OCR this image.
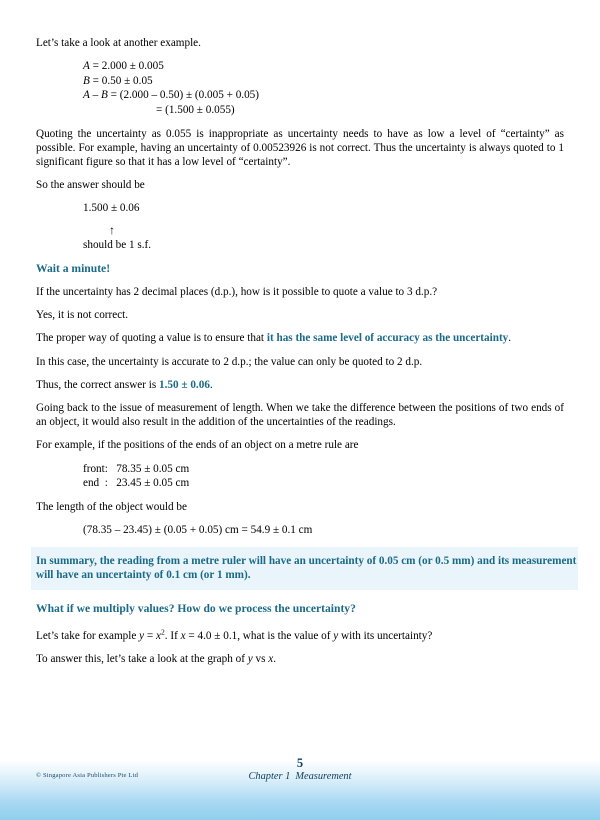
Let’s take a look at another example.

A = 2.000 ± 0.005
B = 0.50 ± 0.05
A – B = (2.000 – 0.50) ± (0.005 + 0.05)
= (1.500 ± 0.055)

Quoting the uncertainty as 0.055 is inappropriate as uncertainty needs to have as low a level of “certainty” as possible. For example, having an uncertainty of 0.00523926 is not correct. Thus the uncertainty is always quoted to 1 significant figure so that it has a low level of “certainty”.

So the answer should be

1.500 ± 0.06
↑
should be 1 s.f.
Wait a minute!

If the uncertainty has 2 decimal places (d.p.), how is it possible to quote a value to 3 d.p.?

Yes, it is not correct.

The proper way of quoting a value is to ensure that it has the same level of accuracy as the uncertainty.

In this case, the uncertainty is accurate to 2 d.p.; the value can only be quoted to 2 d.p.

Thus, the correct answer is 1.50 ± 0.06.

Going back to the issue of measurement of length. When we take the difference between the positions of two ends of an object, it would also result in the addition of the uncertainties of the readings.

For example, if the positions of the ends of an object on a metre rule are

front:   78.35 ± 0.05 cm
end  :   23.45 ± 0.05 cm

The length of the object would be

(78.35 – 23.45) ± (0.05 + 0.05) cm = 54.9 ± 0.1 cm
In summary, the reading from a metre ruler will have an uncertainty of 0.05 cm (or 0.5 mm) and its measurement will have an uncertainty of 0.1 cm (or 1 mm).
What if we multiply values? How do we process the uncertainty?

Let’s take for example $y = x^2$. If x = 4.0 ± 0.1, what is the value of y with its uncertainty?

To answer this, let’s take a look at the graph of y vs x.

© Singapore Asia Publishers Pte Ltd
5
Chapter 1 Measurement
